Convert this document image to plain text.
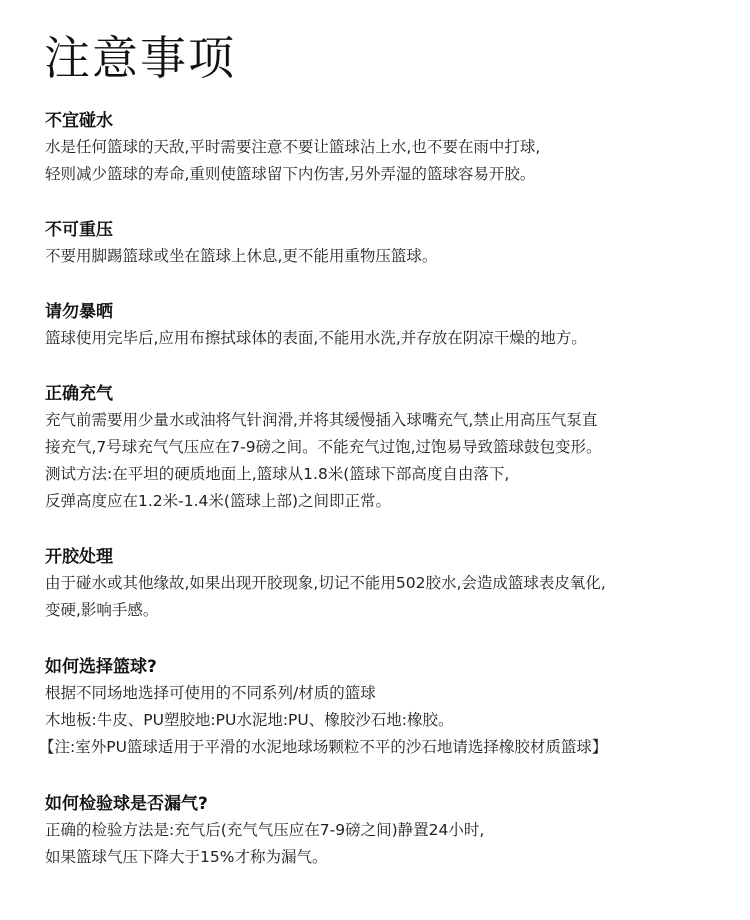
注意事项

不宜碰水

水是任何篮球的天敌,平时需要注意不要让篮球沾上水,也不要在雨中打球,

轻则减少篮球的寿命,重则使篮球留下内伤害,另外弄湿的篮球容易开胶。

不可重压

不要用脚踢篮球或坐在篮球上休息,更不能用重物压篮球。

请勿暴晒

篮球使用完毕后,应用布擦拭球体的表面,不能用水洗,并存放在阴凉干燥的地方。

正确充气

充气前需要用少量水或油将气针润滑,并将其缓慢插入球嘴充气,禁止用高压气泵直

接充气,7号球充气气压应在7-9磅之间。不能充气过饱,过饱易导致篮球鼓包变形。

测试方法:在平坦的硬质地面上,篮球从1.8米(篮球下部高度自由落下,

反弹高度应在1.2米-1.4米(篮球上部)之间即正常。

开胶处理

由于碰水或其他缘故,如果出现开胶现象,切记不能用502胶水,会造成篮球表皮氧化,

变硬,影响手感。

如何选择篮球?

根据不同场地选择可使用的不同系列/材质的篮球

木地板:牛皮、PU塑胶地:PU水泥地:PU、橡胶沙石地:橡胶。

【注:室外PU篮球适用于平滑的水泥地球场颗粒不平的沙石地请选择橡胶材质篮球】

如何检验球是否漏气?

正确的检验方法是:充气后(充气气压应在7-9磅之间)静置24小时,

如果篮球气压下降大于15%才称为漏气。
